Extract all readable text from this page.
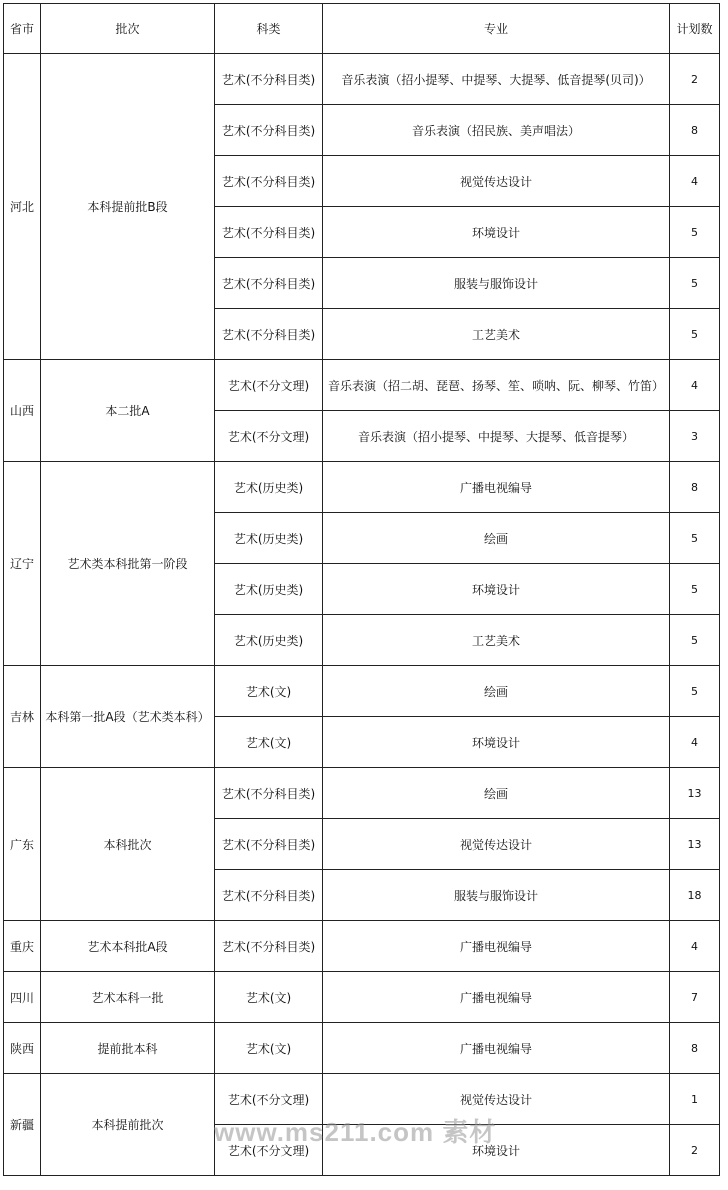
省市	批次	科类	专业	计划数
河北	本科提前批B段	艺术(不分科目类)	音乐表演（招小提琴、中提琴、大提琴、低音提琴(贝司)）	2
		艺术(不分科目类)	音乐表演（招民族、美声唱法）	8
		艺术(不分科目类)	视觉传达设计	4
		艺术(不分科目类)	环境设计	5
		艺术(不分科目类)	服装与服饰设计	5
		艺术(不分科目类)	工艺美术	5
山西	本二批A	艺术(不分文理)	音乐表演（招二胡、琵琶、扬琴、笙、唢呐、阮、柳琴、竹笛）	4
		艺术(不分文理)	音乐表演（招小提琴、中提琴、大提琴、低音提琴）	3
辽宁	艺术类本科批第一阶段	艺术(历史类)	广播电视编导	8
		艺术(历史类)	绘画	5
		艺术(历史类)	环境设计	5
		艺术(历史类)	工艺美术	5
吉林	本科第一批A段（艺术类本科）	艺术(文)	绘画	5
		艺术(文)	环境设计	4
广东	本科批次	艺术(不分科目类)	绘画	13
		艺术(不分科目类)	视觉传达设计	13
		艺术(不分科目类)	服装与服饰设计	18
重庆	艺术本科批A段	艺术(不分科目类)	广播电视编导	4
四川	艺术本科一批	艺术(文)	广播电视编导	7
陕西	提前批本科	艺术(文)	广播电视编导	8
新疆	本科提前批次	艺术(不分文理)	视觉传达设计	1
		艺术(不分文理)	环境设计	2
www.ms211.com 素材
